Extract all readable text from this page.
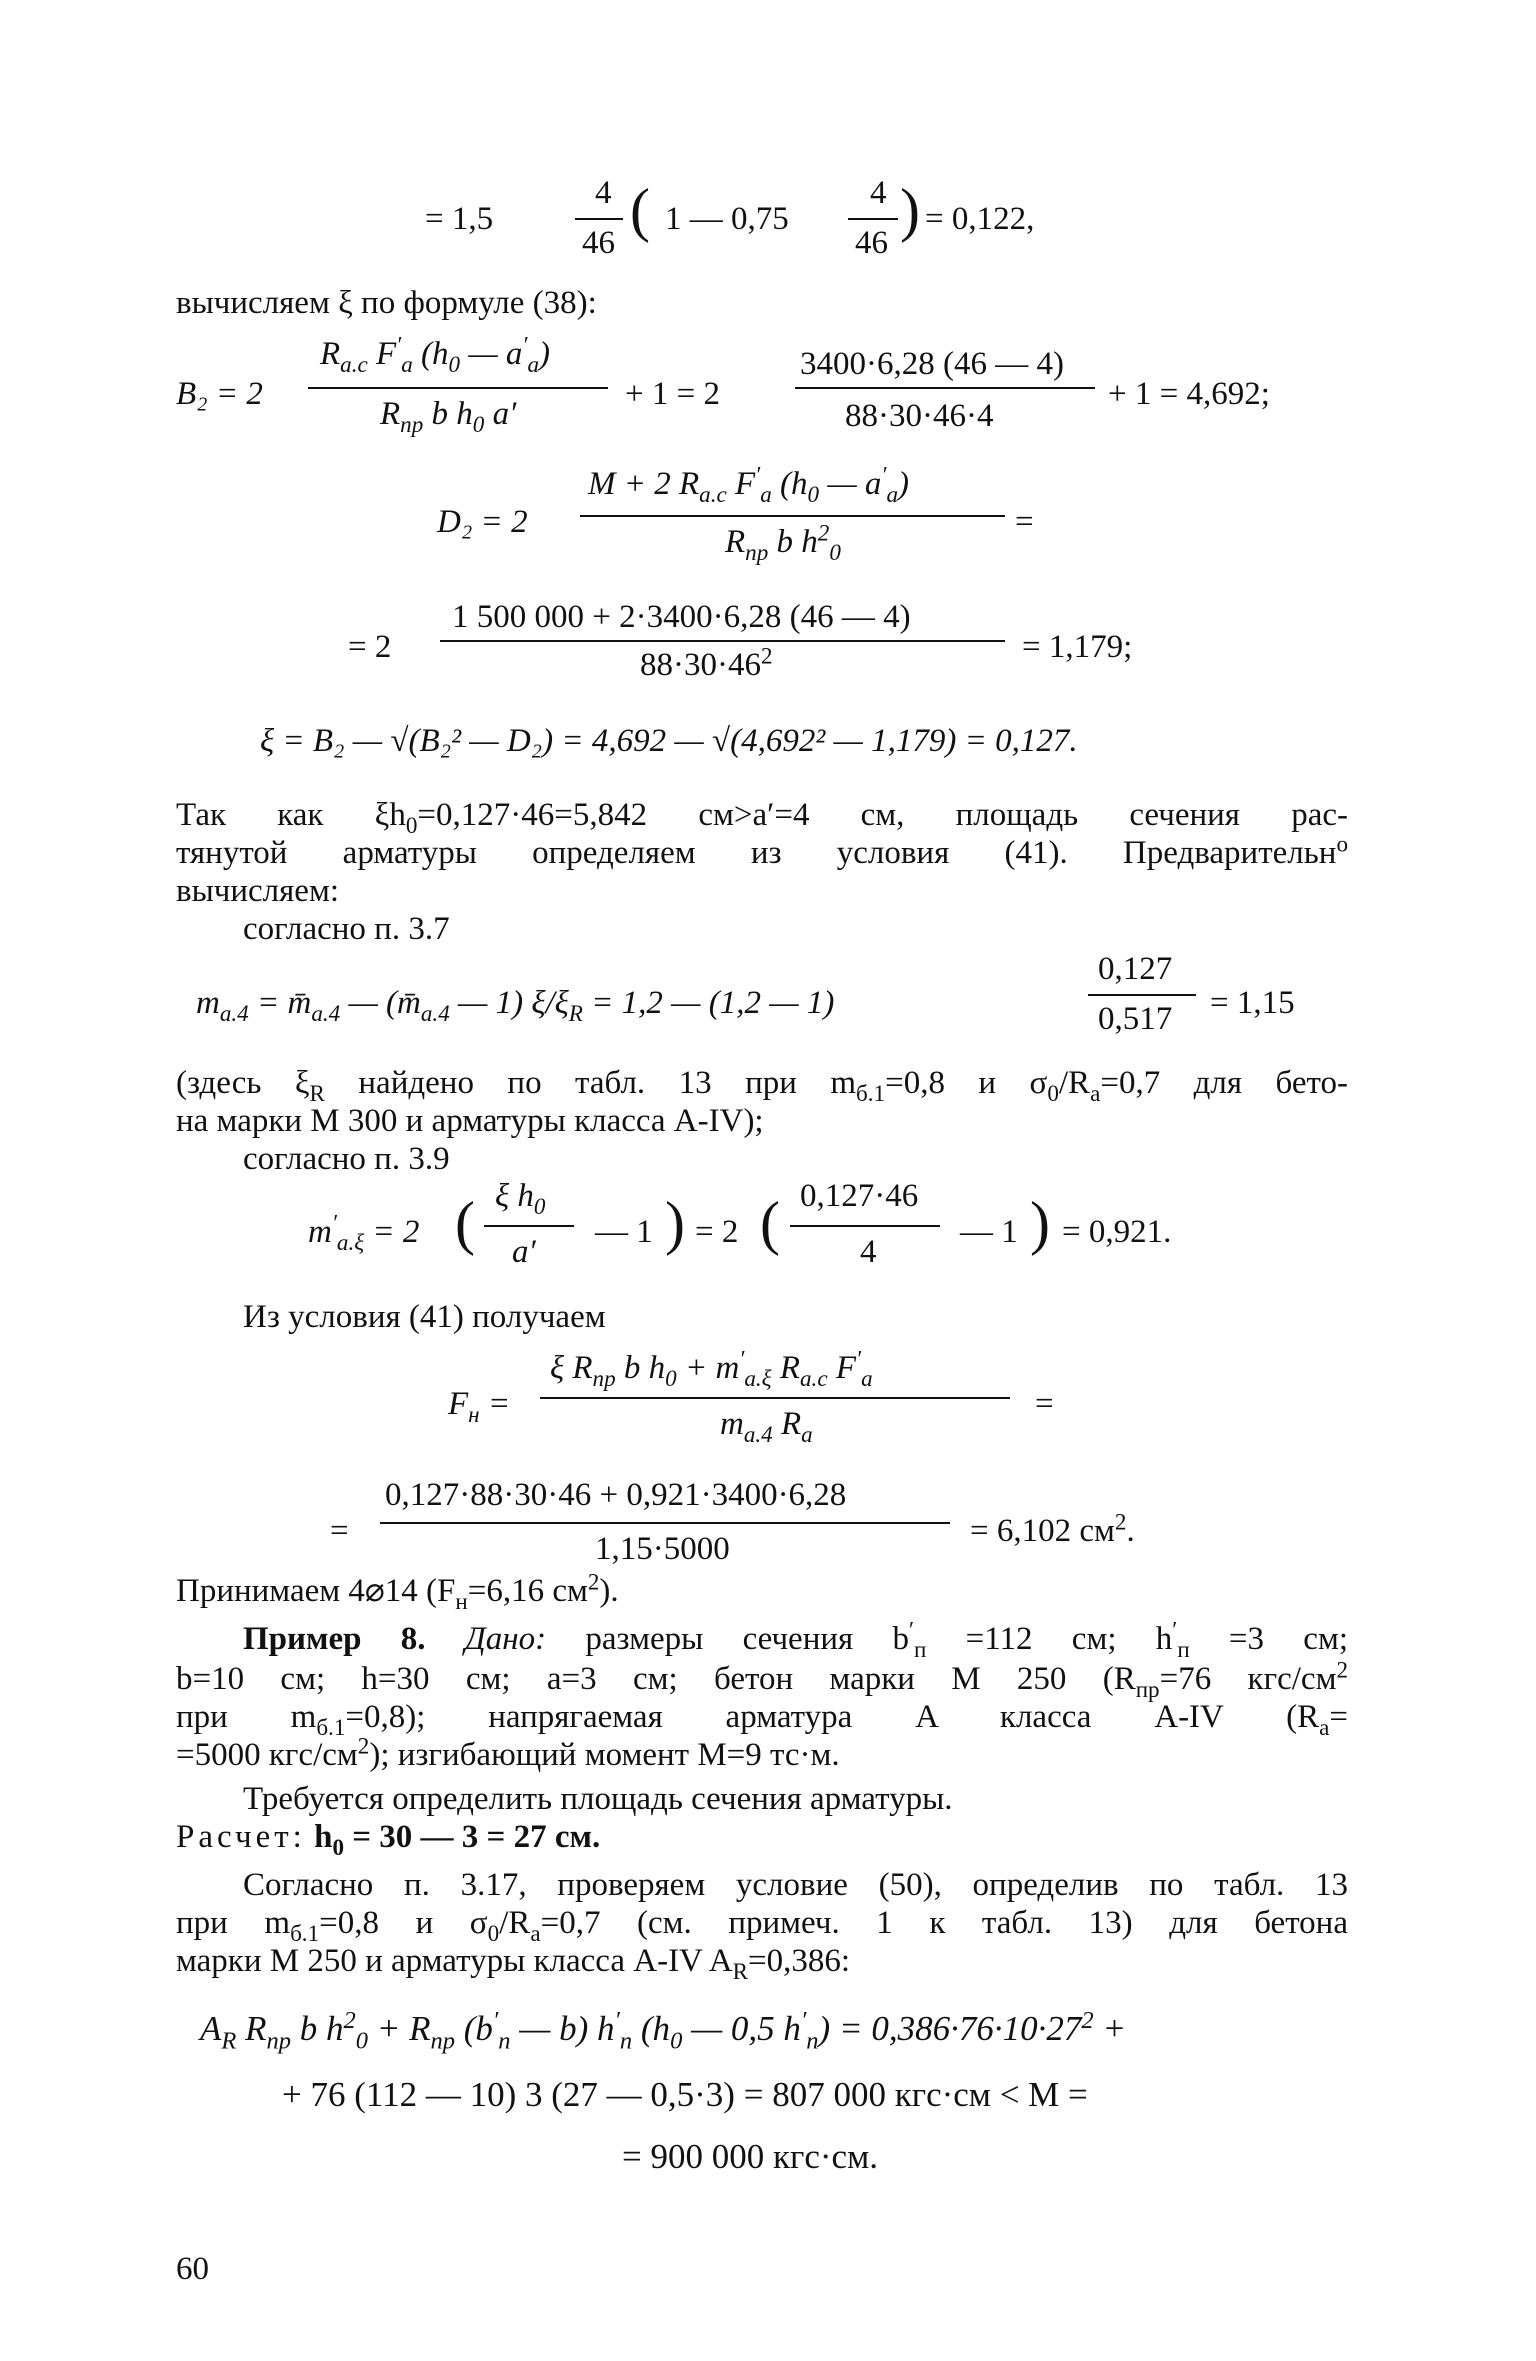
= 1,5
4
46 ( 1 — 0,75
4
46 ) = 0,122,
вычисляем ξ по формуле (38):
B₂ = 2
$R_{а.с}$ $F'_а$ ($h_0$ — $a'_а$)
$R_{пр}$ b $h_0$ a′
+ 1 = 2
3400·6,28 (46 — 4)
88·30·46·4
+ 1 = 4,692;
D₂ = 2
M + 2 $R_{а.с}$ $F'_а$ ($h_0$ — $a'_а$)
$R_{пр}$ b $h^2_0$
=
= 2
1 500 000 + 2·3400·6,28 (46 — 4)
$88\cdot 30\cdot 46^2$	= 1,179;
ξ = B₂ — √(B₂² — D₂) = 4,692 — √(4,692² — 1,179) = 0,127.
Так как $\xi h_0=0,127\cdot 46=5,842$ см>a′=4 см, площадь сечения рас-
тянутой арматуры определяем из условия (41). Предварительн$^о$
вычисляем:
согласно п. 3.7
$m_{а.4}$ = $m̄_{а.4}$ — ($m̄_{а.4}$ — 1) $\xi/\xi_R = 1,2$ — (1,2 — 1)
0,127
0,517 = 1,15
(здесь $\xi_R$ найдено по табл. 13 при $m_{б.1}=0,8$ и $\sigma_0/R_а=0,7$ для бето-
на марки М 300 и арматуры класса A-IV);
согласно п. 3.9
$m'_{а.\xi} = 2$ ( ξ $h_0$
a′
— 1 ) = 2 ( 0,127·46
4
— 1 ) = 0,921.
Из условия (41) получаем
$F_н$ =
ξ $R_{пр}$ b $h_0 + m'_{а.\xi}$ $R_{а.с}$ $F'_а$
$m_{а.4}$ $R_а$
=
=
0,127·88·30·46 + 0,921·3400·6,28
1,15·5000	= 6,102 $см^2$.
Принимаем 4⌀14 ($F_н=6,16$ $см^2$).
Пример 8. Дано: размеры сечения $b'_п =112$ см; $h'_п =3$ см;
b=10 см; h=30 см; a=3 см; бетон марки М 250 ($R_{пр}=76$ кгс/$см^2$
при $m_{б.1}=0,8$); напрягаемая арматура A класса A-IV ($R_а=$
=5000 кгс/$см^2$); изгибающий момент M=9 тс·м.
Требуется определить площадь сечения арматуры.
Расчет: $h_0 = 30$ — 3 = 27 см.
Согласно п. 3.17, проверяем условие (50), определив по табл. 13
при $m_{б.1}=0,8$ и $\sigma_0/R_а=0,7$ (см. примеч. 1 к табл. 13) для бетона
марки М 250 и арматуры класса A-IV $A_R=0,386$:
$A_R$ $R_{пр}$ b $h^2_0 + R_{пр}$ ($b'_п$ — b) $h'_п$ ($h_0$ — 0,5 $h'_п) = 0,386\cdot 76\cdot 10\cdot 27^2$ +
+ 76 (112 — 10) 3 (27 — 0,5·3) = 807 000 кгс·см < M =
= 900 000 кгс·см.
60
